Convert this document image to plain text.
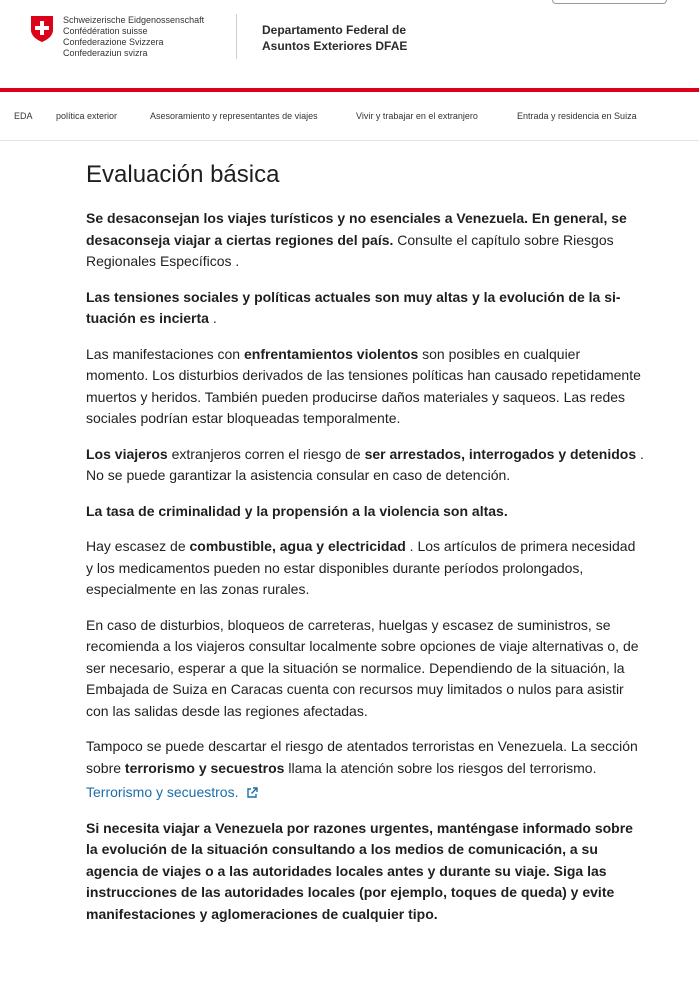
Schweizerische Eidgenossenschaft
Confédération suisse
Confederazione Svizzera
Confederaziun svizra
Departamento Federal de
Asuntos Exteriores DFAE
EDA	política exterior	Asesoramiento y representantes de viajes	Vivir y trabajar en el extranjero	Entrada y residencia en Suiza
Evaluación básica

Se desaconsejan los viajes turísticos y no esenciales a Venezuela. En general, se desaconseja viajar a ciertas regiones del país. Consulte el capítulo sobre Riesgos Regionales Específicos .

Las tensiones sociales y políticas actuales son muy altas y la evolución de la situación es incierta .

Las manifestaciones con enfrentamientos violentos son posibles en cualquier momento. Los disturbios derivados de las tensiones políticas han causado repetidamente muertos y heridos. También pueden producirse daños materiales y saqueos. Las redes sociales podrían estar bloqueadas temporalmente.

Los viajeros extranjeros corren el riesgo de ser arrestados, interrogados y detenidos . No se puede garantizar la asistencia consular en caso de detención.

La tasa de criminalidad y la propensión a la violencia son altas.

Hay escasez de combustible, agua y electricidad . Los artículos de primera necesidad y los medicamentos pueden no estar disponibles durante períodos prolongados, especialmente en las zonas rurales.

En caso de disturbios, bloqueos de carreteras, huelgas y escasez de suministros, se recomienda a los viajeros consultar localmente sobre opciones de viaje alternativas o, de ser necesario, esperar a que la situación se normalice. Dependiendo de la situación, la Embajada de Suiza en Caracas cuenta con recursos muy limitados o nulos para asistir con las salidas desde las regiones afectadas.

Tampoco se puede descartar el riesgo de atentados terroristas en Venezuela. La sección sobre terrorismo y secuestros llama la atención sobre los riesgos del terrorismo.

Terrorismo y secuestros.

Si necesita viajar a Venezuela por razones urgentes, manténgase informado sobre la evolución de la situación consultando a los medios de comunicación, a su agencia de viajes o a las autoridades locales antes y durante su viaje. Siga las instrucciones de las autoridades locales (por ejemplo, toques de queda) y evite manifestaciones y aglomeraciones de cualquier tipo.
